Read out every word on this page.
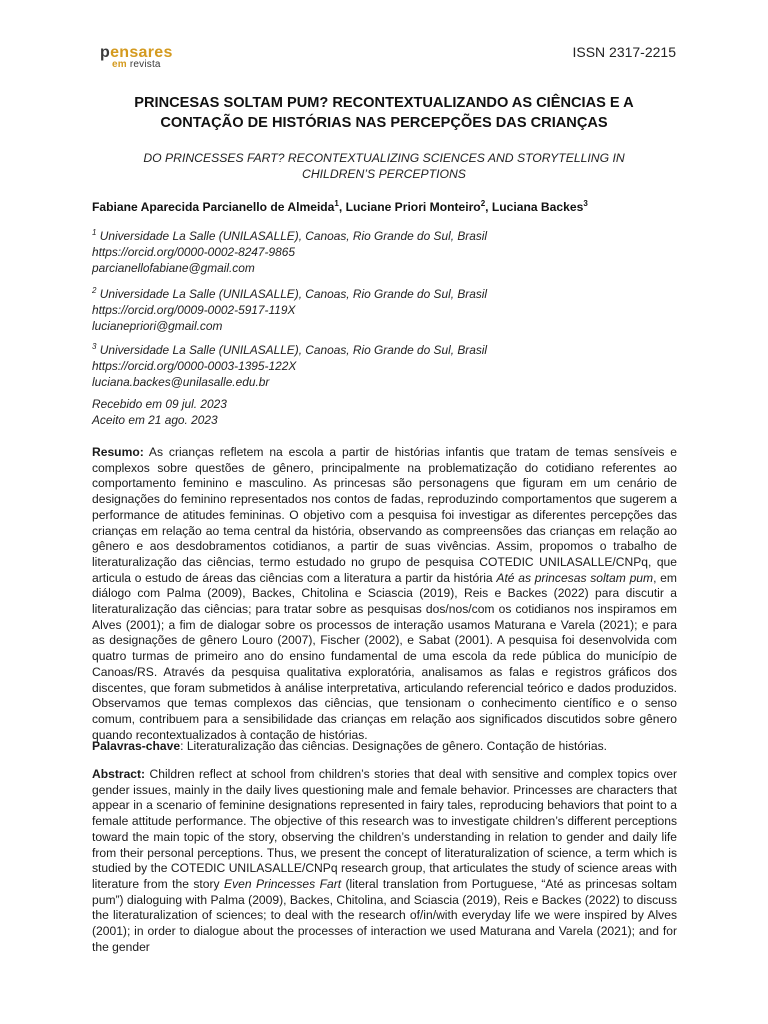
pensares
em revista
ISSN 2317-2215
PRINCESAS SOLTAM PUM? RECONTEXTUALIZANDO AS CIÊNCIAS E A
CONTAÇÃO DE HISTÓRIAS NAS PERCEPÇÕES DAS CRIANÇAS
DO PRINCESSES FART? RECONTEXTUALIZING SCIENCES AND STORYTELLING IN
CHILDREN’S PERCEPTIONS
Fabiane Aparecida Parcianello de Almeida$^1$, Luciane Priori Monteiro$^2$, Luciana Backes$^3$
$^1$ Universidade La Salle (UNILASALLE), Canoas, Rio Grande do Sul, Brasil
https://orcid.org/0000-0002-8247-9865
parcianellofabiane@gmail.com
$^2$ Universidade La Salle (UNILASALLE), Canoas, Rio Grande do Sul, Brasil
https://orcid.org/0009-0002-5917-119X
lucianepriori@gmail.com
$^3$ Universidade La Salle (UNILASALLE), Canoas, Rio Grande do Sul, Brasil
https://orcid.org/0000-0003-1395-122X
luciana.backes@unilasalle.edu.br
Recebido em 09 jul. 2023
Aceito em 21 ago. 2023
Resumo: As crianças refletem na escola a partir de histórias infantis que tratam de temas sensíveis e complexos sobre questões de gênero, principalmente na problematização do cotidiano referentes ao comportamento feminino e masculino. As princesas são personagens que figuram em um cenário de designações do feminino representados nos contos de fadas, reproduzindo comportamentos que sugerem a performance de atitudes femininas. O objetivo com a pesquisa foi investigar as diferentes percepções das crianças em relação ao tema central da história, observando as compreensões das crianças em relação ao gênero e aos desdobramentos cotidianos, a partir de suas vivências. Assim, propomos o trabalho de literaturalização das ciências, termo estudado no grupo de pesquisa COTEDIC UNILASALLE/CNPq, que articula o estudo de áreas das ciências com a literatura a partir da história Até as princesas soltam pum, em diálogo com Palma (2009), Backes, Chitolina e Sciascia (2019), Reis e Backes (2022) para discutir a literaturalização das ciências; para tratar sobre as pesquisas dos/nos/com os cotidianos nos inspiramos em Alves (2001); a fim de dialogar sobre os processos de interação usamos Maturana e Varela (2021); e para as designações de gênero Louro (2007), Fischer (2002), e Sabat (2001). A pesquisa foi desenvolvida com quatro turmas de primeiro ano do ensino fundamental de uma escola da rede pública do município de Canoas/RS. Através da pesquisa qualitativa exploratória, analisamos as falas e registros gráficos dos discentes, que foram submetidos à análise interpretativa, articulando referencial teórico e dados produzidos. Observamos que temas complexos das ciências, que tensionam o conhecimento científico e o senso comum, contribuem para a sensibilidade das crianças em relação aos significados discutidos sobre gênero quando recontextualizados à contação de histórias.
Palavras-chave: Literaturalização das ciências. Designações de gênero. Contação de histórias.
Abstract: Children reflect at school from children’s stories that deal with sensitive and complex topics over gender issues, mainly in the daily lives questioning male and female behavior. Princesses are characters that appear in a scenario of feminine designations represented in fairy tales, reproducing behaviors that point to a female attitude performance. The objective of this research was to investigate children’s different perceptions toward the main topic of the story, observing the children’s understanding in relation to gender and daily life from their personal perceptions. Thus, we present the concept of literaturalization of science, a term which is studied by the COTEDIC UNILASALLE/CNPq research group, that articulates the study of science areas with literature from the story Even Princesses Fart (literal translation from Portuguese, “Até as princesas soltam pum”) dialoguing with Palma (2009), Backes, Chitolina, and Sciascia (2019), Reis e Backes (2022) to discuss the literaturalization of sciences; to deal with the research of/in/with everyday life we were inspired by Alves (2001); in order to dialogue about the processes of interaction we used Maturana and Varela (2021); and for the gender
